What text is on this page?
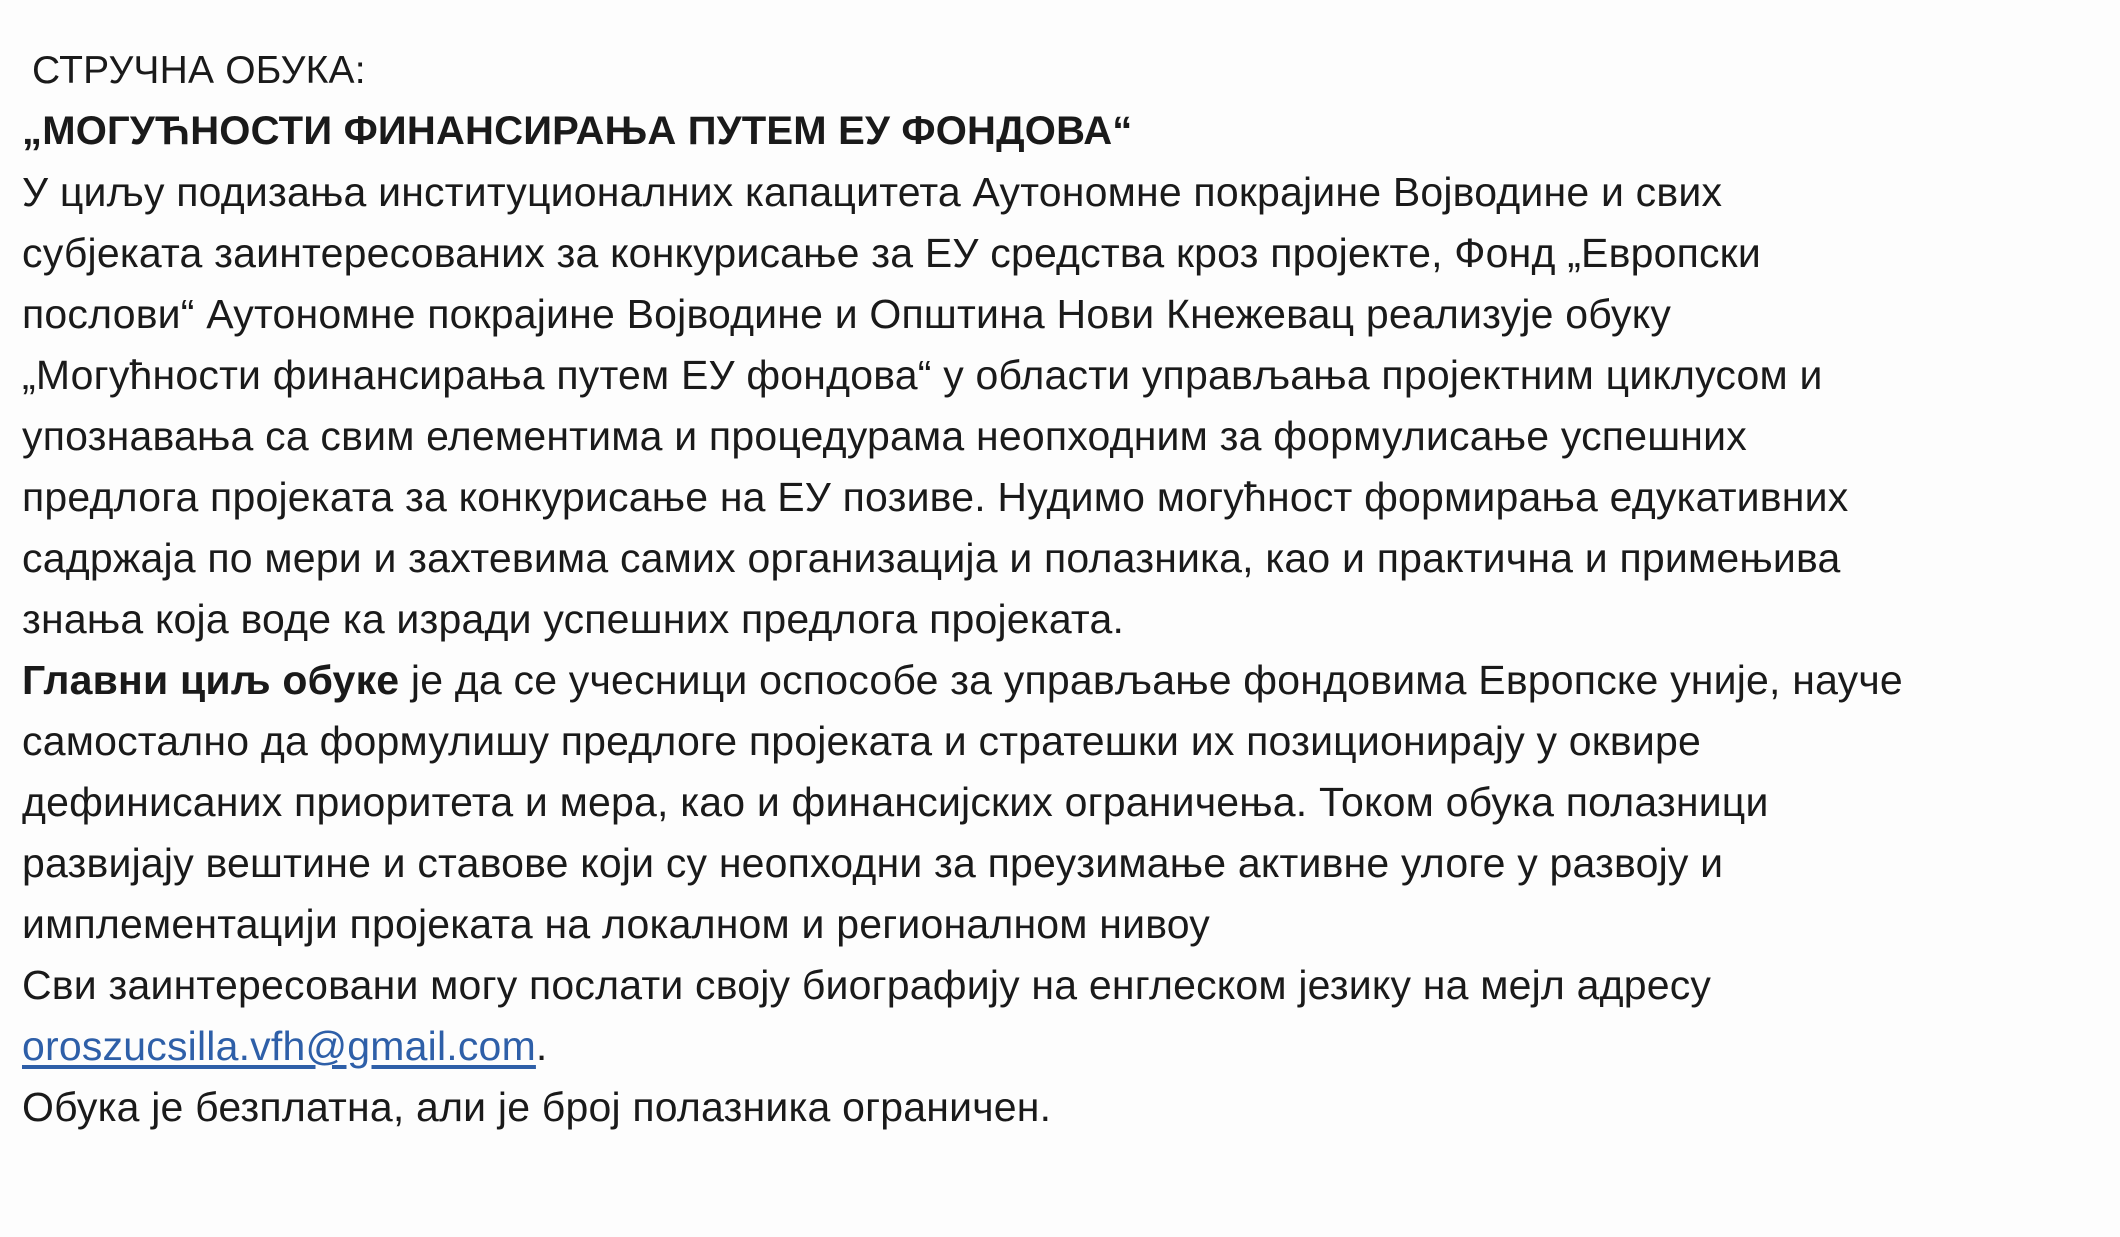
СТРУЧНА ОБУКА:
„МОГУЋНОСТИ ФИНАНСИРАЊА ПУТЕМ ЕУ ФОНДОВА“
У циљу подизања институционалних капацитета Аутономне покрајине Војводине и свих
субјеката заинтересованих за конкурисање за ЕУ средства кроз пројекте, Фонд „Европски
послови“ Аутономне покрајине Војводине и Општина Нови Кнежевац реализује обуку
„Могућности финансирања путем ЕУ фондова“ у области управљања пројектним циклусом и
упознавања са свим елементима и процедурама неопходним за формулисање успешних
предлога пројеката за конкурисање на ЕУ позиве. Нудимо могућност формирања едукативних
садржаја по мери и захтевима самих организација и полазника, као и практична и примењива
знања која воде ка изради успешних предлога пројеката.
Главни циљ обуке је да се учесници оспособе за управљање фондовима Европске уније, науче
самостално да формулишу предлоге пројеката и стратешки их позиционирају у оквире
дефинисаних приоритета и мера, као и финансијских ограничења. Током обука полазници
развијају вештине и ставове који су неопходни за преузимање активне улоге у развоју и
имплементацији пројеката на локалном и регионалном нивоу
Сви заинтересовани могу послати своју биографију на енглеском језику на мејл адресу
oroszucsilla.vfh@gmail.com.
Обука је безплатна, али је број полазника ограничен.
